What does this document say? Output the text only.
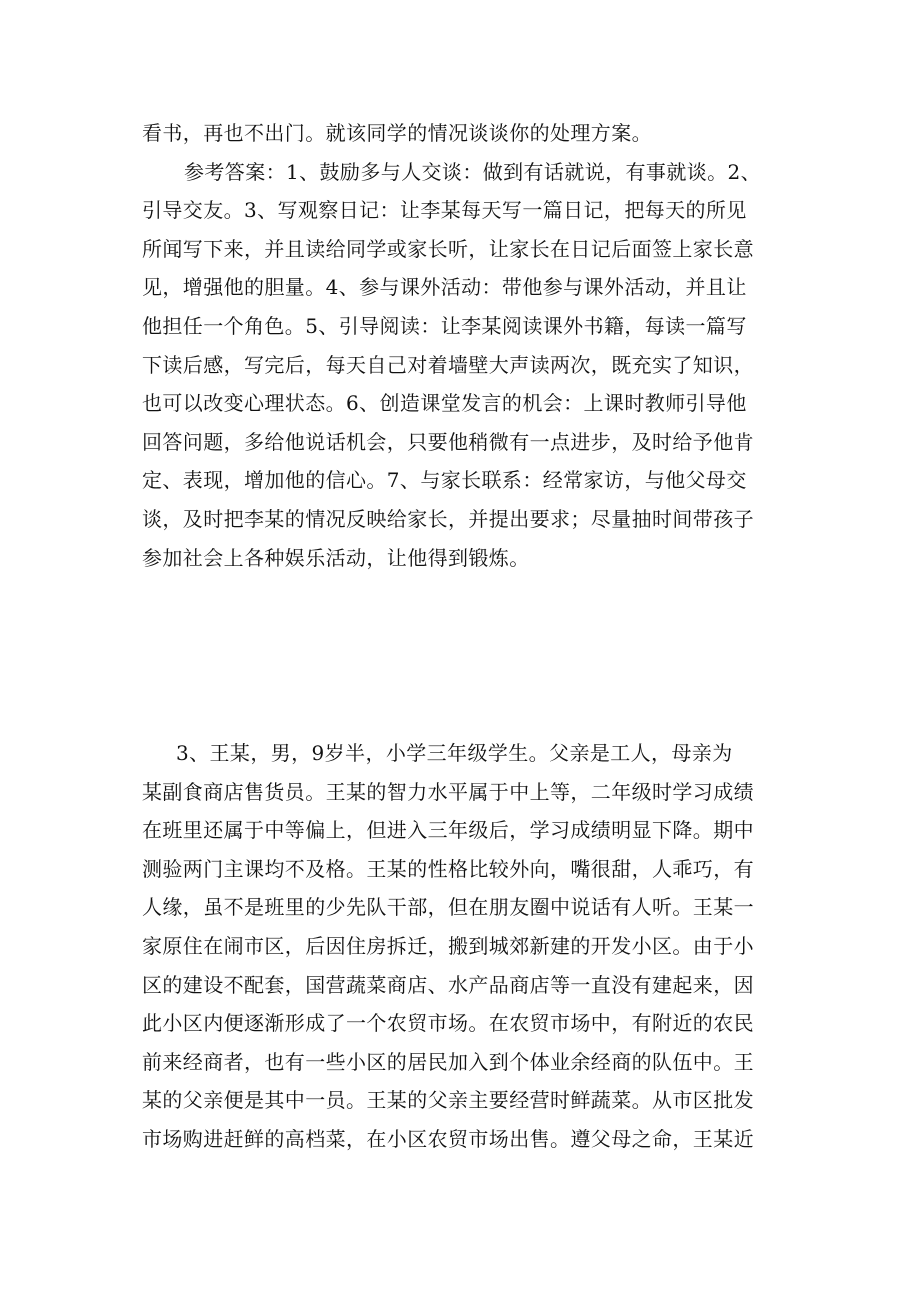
看书，再也不出门。就该同学的情况谈谈你的处理方案。
参考答案：1、鼓励多与人交谈：做到有话就说，有事就谈。2、
引导交友。3、写观察日记：让李某每天写一篇日记，把每天的所见
所闻写下来，并且读给同学或家长听，让家长在日记后面签上家长意
见，增强他的胆量。4、参与课外活动：带他参与课外活动，并且让
他担任一个角色。5、引导阅读：让李某阅读课外书籍，每读一篇写
下读后感，写完后，每天自己对着墙壁大声读两次，既充实了知识，
也可以改变心理状态。6、创造课堂发言的机会：上课时教师引导他
回答问题，多给他说话机会，只要他稍微有一点进步，及时给予他肯
定、表现，增加他的信心。7、与家长联系：经常家访，与他父母交
谈，及时把李某的情况反映给家长，并提出要求；尽量抽时间带孩子
参加社会上各种娱乐活动，让他得到锻炼。
3、王某，男，9岁半，小学三年级学生。父亲是工人，母亲为
某副食商店售货员。王某的智力水平属于中上等，二年级时学习成绩
在班里还属于中等偏上，但进入三年级后，学习成绩明显下降。期中
测验两门主课均不及格。王某的性格比较外向，嘴很甜，人乖巧，有
人缘，虽不是班里的少先队干部，但在朋友圈中说话有人听。王某一
家原住在闹市区，后因住房拆迁，搬到城郊新建的开发小区。由于小
区的建设不配套，国营蔬菜商店、水产品商店等一直没有建起来，因
此小区内便逐渐形成了一个农贸市场。在农贸市场中，有附近的农民
前来经商者，也有一些小区的居民加入到个体业余经商的队伍中。王
某的父亲便是其中一员。王某的父亲主要经营时鲜蔬菜。从市区批发
市场购进赶鲜的高档菜，在小区农贸市场出售。遵父母之命，王某近
